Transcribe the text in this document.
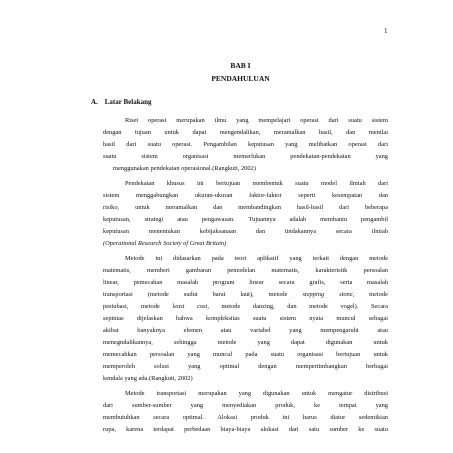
1
BAB I
PENDAHULUAN
A. Latar Belakang

Riset operasi merupakan ilmu yang mempelajari operasi dari suatu sistem
dengan tujuan untuk dapat mengendalikan, meramalkan hasil, dan menilai
hasil dari suatu operasi. Pengambilan keputusan yang melibatkan operasi dari
suatu sistem organisasi memerlukan pendekatan-pendekatan yang
menggunakan pendekatan operasional.(Rangkuti, 2002)

Pendekatan khusus ini bertujuan membentuk suatu model ilmiah dari
sistem menggabungkan ukuran-ukuran faktor-faktor seperti kesempatan dan
risiko, untuk meramalkan dan membandingkan hasil-hasil dari beberapa
keputusan, strategi atau pengawasan. Tujuannya adalah membantu pengambil
keputusan menentukan kebijaksanaan dan tindakannya secara ilmiah
(Operational Research Society of Great Britain)

Metode ini didasarkan pada teori aplikatif yang terkait dengan metode
matematis, memberi gambaran pemodelan matematis, karakteristik persoalan
linear, pemecahan masalah program linear secara grafis, serta masalah
transportasi (metode sudut barat laut), metode stepping stone, metode
pestubasi, metode least cost, metode danzing, dan metode vogel). Secara
sepintas dijelaskan bahwa kompleksitas suatu sistem nyata muncul sebagai
akibat banyaknya elemen atau variabel yang mempengaruhi atau
menegndalikannya, sehingga metode yang dapat digunakan untuk
memecahkan persoalan yang muncul pada suatu organisasi bertujuan untuk
memperoleh solusi yang optimal dengan mempertimbangkan berbagai
kendala yang ada.(Rangkuti, 2002)

Metode transportasi merupakan yang digunakan untuk mengatur distribusi
dari sumber-sumber yang menyediakan produk, ke tempat yang
membutuhkan secara optimal. Alokasi produk ini harus diatur sedemikian
rupa, karena terdapat perbedaan biaya-biaya alokasi dari satu sumber ke suatu
